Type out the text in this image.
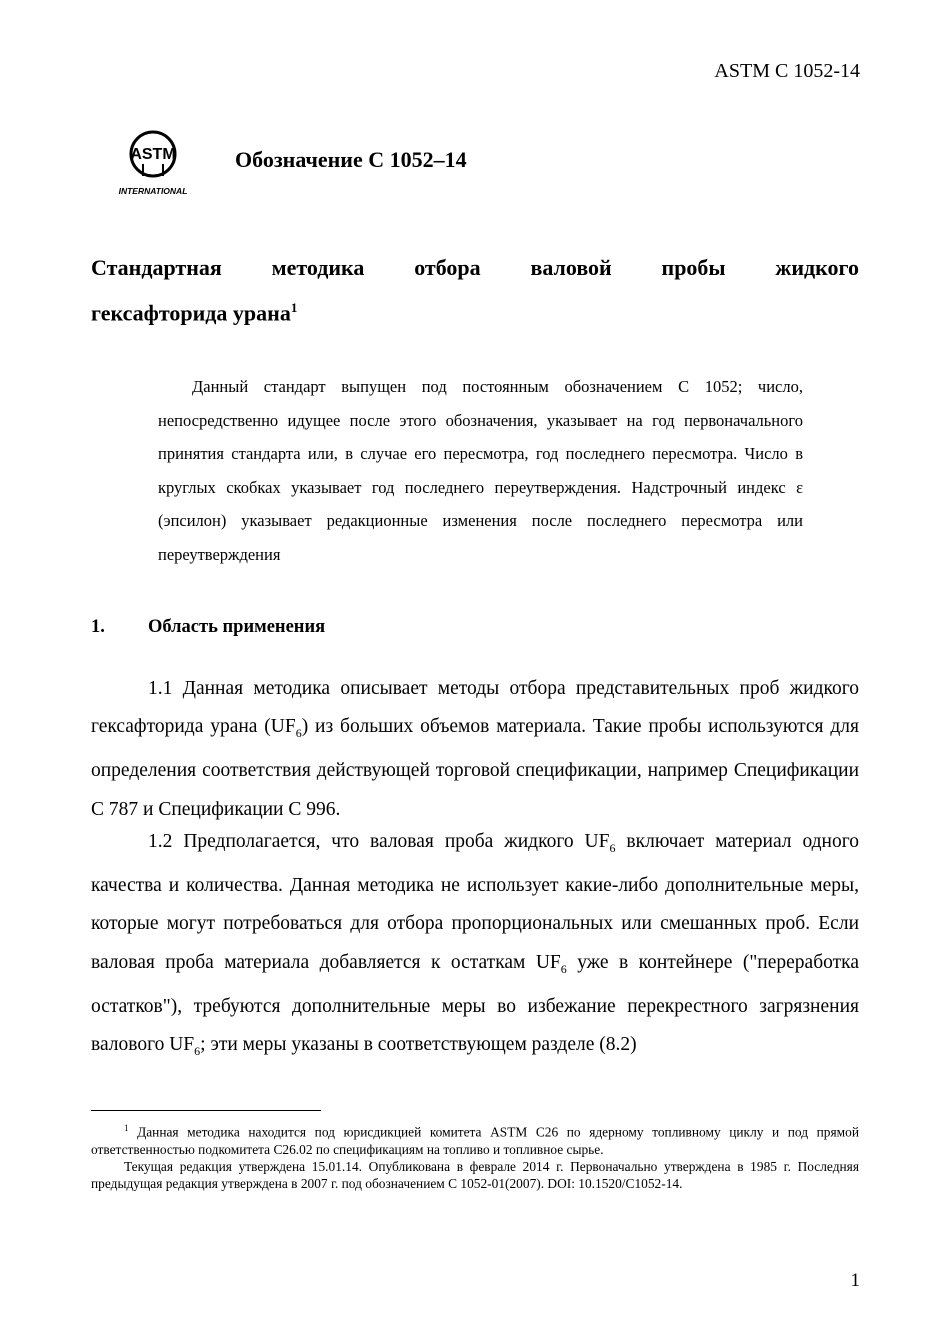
ASTM C 1052-14
ASTM
INTERNATIONAL
Обозначение С 1052–14
Стандартная методика отбора валовой пробы жидкого
гексафторида урана$^1$
Данный стандарт выпущен под постоянным обозначением С 1052; число, непосредственно идущее после этого обозначения, указывает на год первоначального принятия стандарта или, в случае его пересмотра, год последнего пересмотра. Число в круглых скобках указывает год последнего переутверждения. Надстрочный индекс ε (эпсилон) указывает редакционные изменения после последнего пересмотра или переутверждения
1. Область применения
1.1 Данная методика описывает методы отбора представительных проб жидкого гексафторида урана $(UF_6)$ из больших объемов материала. Такие пробы используются для определения соответствия действующей торговой спецификации, например Спецификации С 787 и Спецификации С 996.
1.2 Предполагается, что валовая проба жидкого $UF_6$ включает материал одного качества и количества. Данная методика не использует какие-либо дополнительные меры, которые могут потребоваться для отбора пропорциональных или смешанных проб. Если валовая проба материала добавляется к остаткам $UF_6$ уже в контейнере ("переработка остатков"), требуются дополнительные меры во избежание перекрестного загрязнения валового $UF_6$; эти меры указаны в соответствующем разделе (8.2)

$^1$ Данная методика находится под юрисдикцией комитета ASTM С26 по ядерному топливному циклу и под прямой ответственностью подкомитета С26.02 по спецификациям на топливо и топливное сырье.

Текущая редакция утверждена 15.01.14. Опубликована в феврале 2014 г. Первоначально утверждена в 1985 г. Последняя предыдущая редакция утверждена в 2007 г. под обозначением С 1052-01(2007). DOI: 10.1520/C1052-14.

1
